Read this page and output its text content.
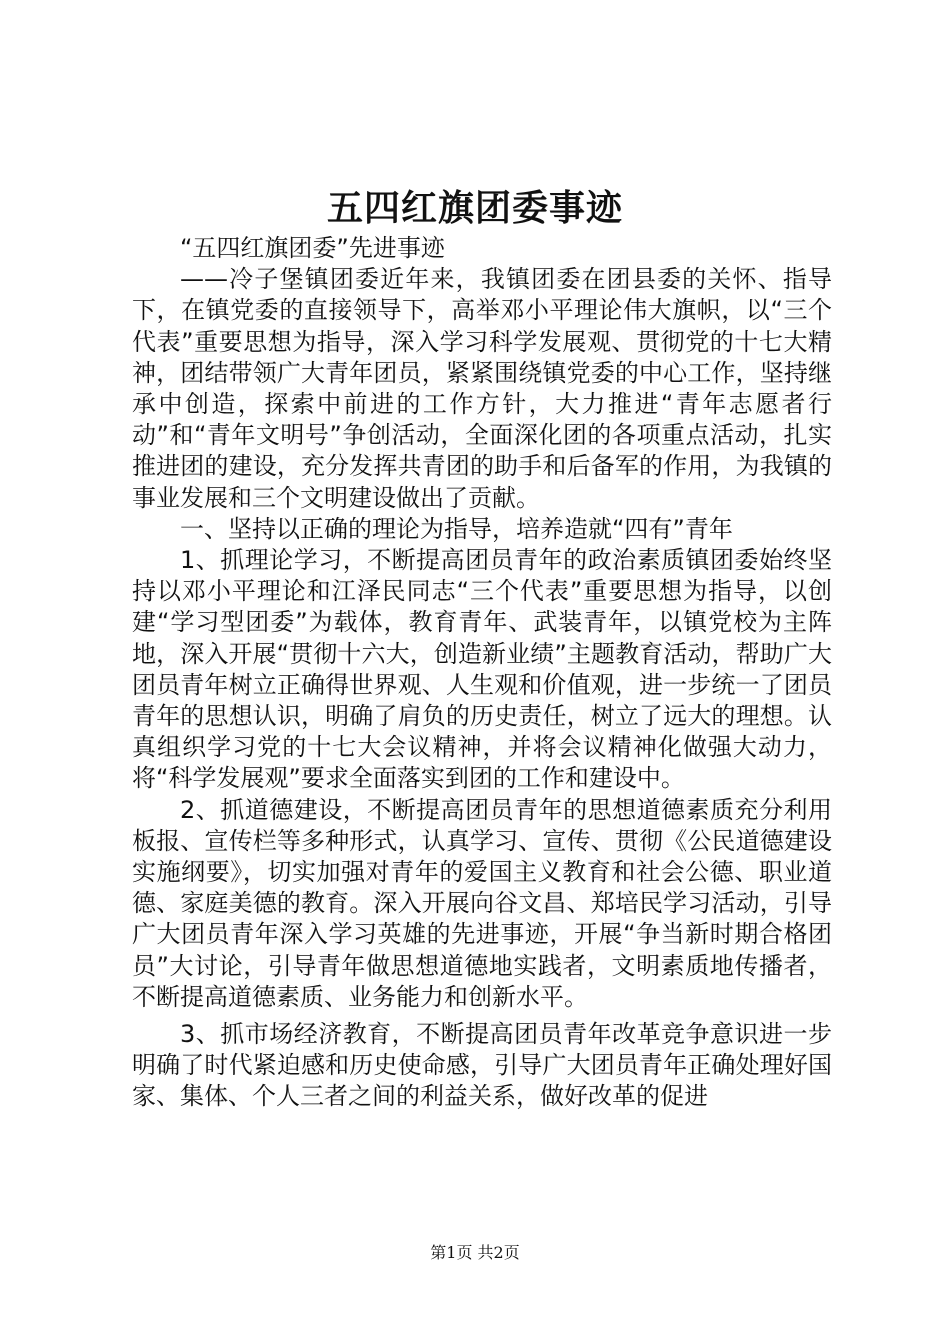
五四红旗团委事迹

“五四红旗团委”先进事迹

——冷子堡镇团委近年来，我镇团委在团县委的关怀、指导下，在镇党委的直接领导下，高举邓小平理论伟大旗帜，以“三个代表”重要思想为指导，深入学习科学发展观、贯彻党的十七大精神，团结带领广大青年团员，紧紧围绕镇党委的中心工作，坚持继承中创造，探索中前进的工作方针，大力推进“青年志愿者行动”和“青年文明号”争创活动，全面深化团的各项重点活动，扎实推进团的建设，充分发挥共青团的助手和后备军的作用，为我镇的事业发展和三个文明建设做出了贡献。

一、坚持以正确的理论为指导，培养造就“四有”青年

1、抓理论学习，不断提高团员青年的政治素质镇团委始终坚持以邓小平理论和江泽民同志“三个代表”重要思想为指导，以创建“学习型团委”为载体，教育青年、武装青年，以镇党校为主阵地，深入开展“贯彻十六大，创造新业绩”主题教育活动，帮助广大团员青年树立正确得世界观、人生观和价值观，进一步统一了团员青年的思想认识，明确了肩负的历史责任，树立了远大的理想。认真组织学习党的十七大会议精神，并将会议精神化做强大动力，将“科学发展观”要求全面落实到团的工作和建设中。

2、抓道德建设，不断提高团员青年的思想道德素质充分利用板报、宣传栏等多种形式，认真学习、宣传、贯彻《公民道德建设实施纲要》，切实加强对青年的爱国主义教育和社会公德、职业道德、家庭美德的教育。深入开展向谷文昌、郑培民学习活动，引导广大团员青年深入学习英雄的先进事迹，开展“争当新时期合格团员”大讨论，引导青年做思想道德地实践者，文明素质地传播者，不断提高道德素质、业务能力和创新水平。

3、抓市场经济教育，不断提高团员青年改革竞争意识进一步明确了时代紧迫感和历史使命感，引导广大团员青年正确处理好国家、集体、个人三者之间的利益关系，做好改革的促进

第1页 共2页
